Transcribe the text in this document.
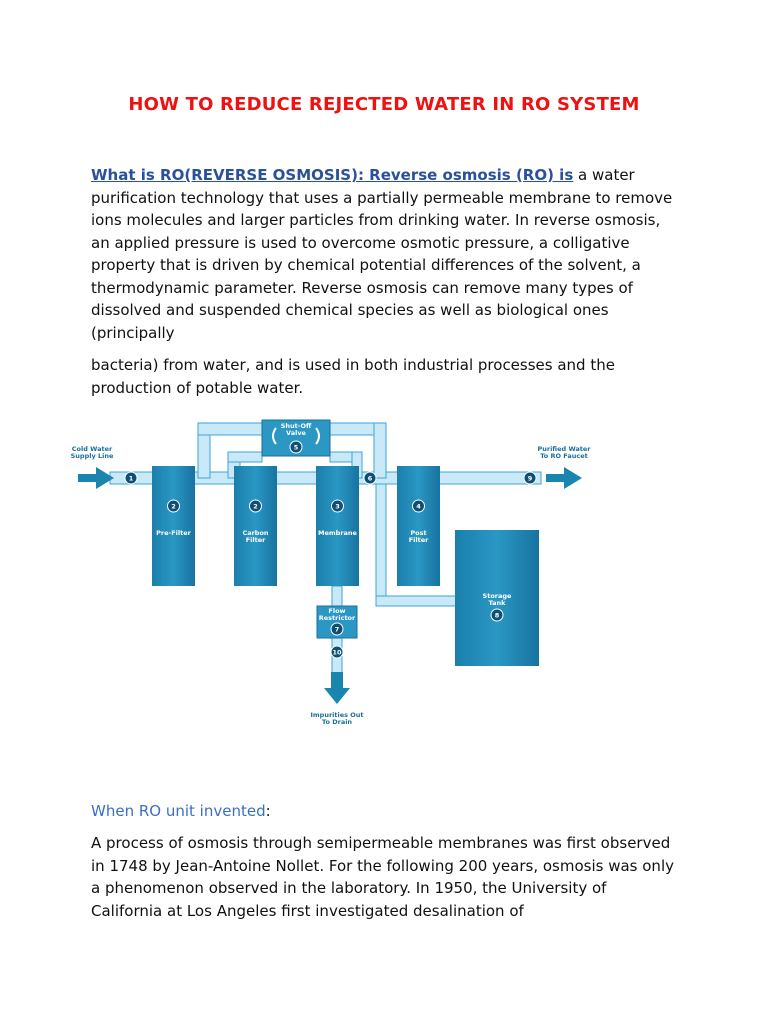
HOW TO REDUCE REJECTED WATER IN RO SYSTEM
What is RO(REVERSE OSMOSIS): Reverse osmosis (RO) is a water purification technology that uses a partially permeable membrane to remove ions molecules and larger particles from drinking water. In reverse osmosis, an applied pressure is used to overcome osmotic pressure, a colligative property that is driven by chemical potential differences of the solvent, a thermodynamic parameter. Reverse osmosis can remove many types of dissolved and suspended chemical species as well as biological ones (principally
bacteria) from water, and is used in both industrial processes and the production of potable water.
Shut-Off
Valve
5
Cold Water
Supply Line
1
Purified Water
To RO Faucet
9
2
Pre-Filter
2
Carbon
Filter
3
Membrane
6
4
Post
Filter
Storage
Tank
8
Flow
Restrictor
7
10
Impurities Out
To Drain
When RO unit invented:
A process of osmosis through semipermeable membranes was first observed in 1748 by Jean-Antoine Nollet. For the following 200 years, osmosis was only a phenomenon observed in the laboratory. In 1950, the University of California at Los Angeles first investigated desalination of
